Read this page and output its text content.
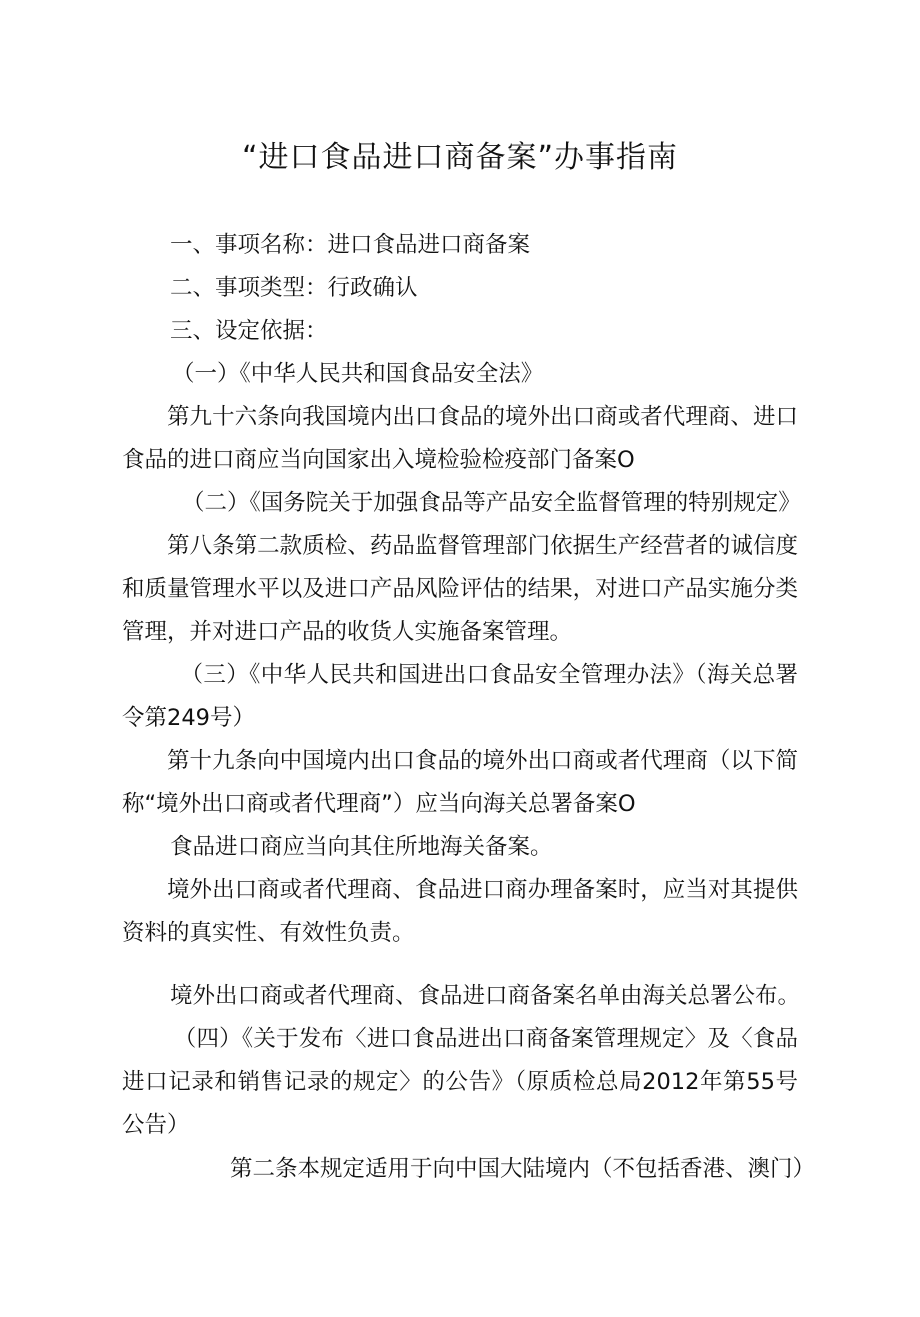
“进口食品进口商备案”办事指南
一、事项名称：进口食品进口商备案
二、事项类型：行政确认
三、设定依据：
（一）《中华人民共和国食品安全法》

第九十六条向我国境内出口食品的境外出口商或者代理商、进口食品的进口商应当向国家出入境检验检疫部门备案O

（二）《国务院关于加强食品等产品安全监督管理的特别规定》

第八条第二款质检、药品监督管理部门依据生产经营者的诚信度和质量管理水平以及进口产品风险评估的结果，对进口产品实施分类管理，并对进口产品的收货人实施备案管理。

（三）《中华人民共和国进出口食品安全管理办法》（海关总署令第249号）

第十九条向中国境内出口食品的境外出口商或者代理商（以下简称“境外出口商或者代理商”）应当向海关总署备案O

食品进口商应当向其住所地海关备案。

境外出口商或者代理商、食品进口商办理备案时，应当对其提供资料的真实性、有效性负责。

境外出口商或者代理商、食品进口商备案名单由海关总署公布。

（四）《关于发布〈进口食品进出口商备案管理规定〉及〈食品进口记录和销售记录的规定〉的公告》（原质检总局2012年第55号公告）

第二条本规定适用于向中国大陆境内（不包括香港、澳门）
